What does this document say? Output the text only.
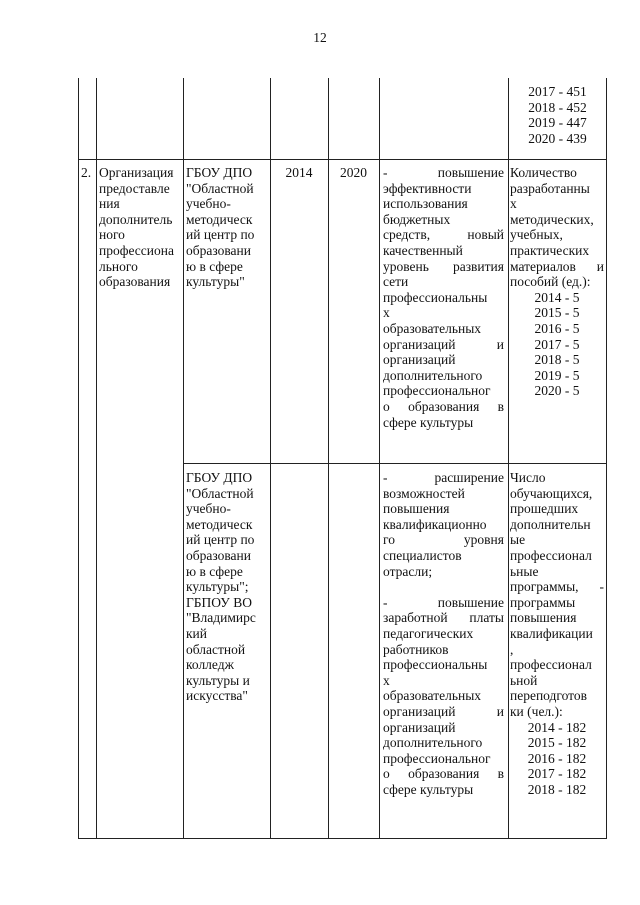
12
2017 - 451
2018 - 452
2019 - 447
2020 - 439
2. Организация
предоставле
ния
дополнитель
ного
профессиона
льного
образования
ГБОУ ДПО
"Областной
учебно-
методическ
ий центр по
образовани
ю в сфере
культуры"
2014	2020	- повышение
эффективности
использования
бюджетных
средств, новый
качественный
уровень развития
сети
профессиональны
х
образовательных
организаций и
организаций
дополнительного
профессиональног
о образования в
сфере культуры
Количество
разработанны
х
методических,
учебных,
практических
материалов и
пособий (ед.):
2014 - 5
2015 - 5
2016 - 5
2017 - 5
2018 - 5
2019 - 5
2020 - 5
ГБОУ ДПО
"Областной
учебно-
методическ
ий центр по
образовани
ю в сфере
культуры";
ГБПОУ ВО
"Владимирс
кий
областной
колледж
культуры и
искусства"
- расширение
возможностей
повышения
квалификационно
го уровня
специалистов
отрасли;
- повышение
заработной платы
педагогических
работников
профессиональны
х
образовательных
организаций и
организаций
дополнительного
профессиональног
о образования в
сфере культуры
Число
обучающихся,
прошедших
дополнительн
ые
профессионал
ьные
программы, -
программы
повышения
квалификации
,
профессионал
ьной
переподготов
ки (чел.):
2014 - 182
2015 - 182
2016 - 182
2017 - 182
2018 - 182
